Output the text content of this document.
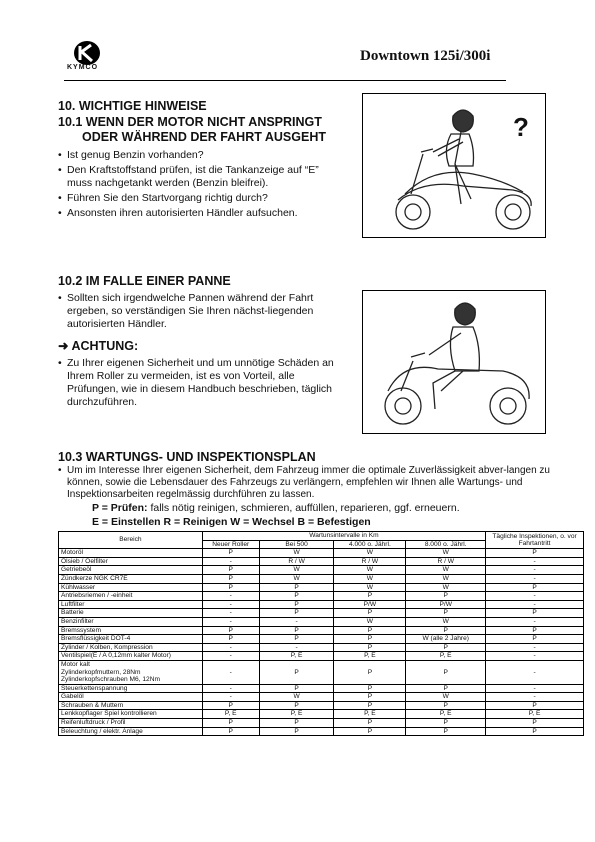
KYMCO
Downtown 125i/300i
10. WICHTIGE HINWEISE
10.1 WENN DER MOTOR NICHT ANSPRINGT
ODER WÄHREND DER FAHRT AUSGEHT
• Ist genug Benzin vorhanden?
• Den Kraftstoffstand prüfen, ist die Tankanzeige auf “E” muss nachgetankt werden (Benzin bleifrei).
• Führen Sie den Startvorgang richtig durch?
• Ansonsten ihren autorisierten Händler aufsuchen.
?
10.2 IM FALLE EINER PANNE
• Sollten sich irgendwelche Pannen während der Fahrt ergeben, so verständigen Sie Ihren nächst-liegenden autorisierten Händler.
➜ ACHTUNG:
• Zu Ihrer eigenen Sicherheit und um unnötige Schäden an Ihrem Roller zu vermeiden, ist es von Vorteil, alle Prüfungen, wie in diesem Handbuch beschrieben, täglich durchzuführen.
10.3 WARTUNGS- UND INSPEKTIONSPLAN
• Um im Interesse Ihrer eigenen Sicherheit, dem Fahrzeug immer die optimale Zuverlässigkeit abver-langen zu können, sowie die Lebensdauer des Fahrzeugs zu verlängern, empfehlen wir Ihnen alle Wartungs- und Inspektionsarbeiten regelmässig durchführen zu lassen.
P = Prüfen: falls nötig reinigen, schmieren, auffüllen, reparieren, ggf. erneuern.
E = Einstellen R = Reinigen W = Wechsel B = Befestigen
Bereich	Wartunsintervalle in Km				Tägliche Inspektionen, o. vor Fahrtantritt
	Neuer Roller	Bei 500	4.000 o. Jährl.	8.000 o. Jährl.	
Motoröl	P	W	W	W	P
Ölsieb / Oelfilter	-	R / W	R / W	R / W	-
Getriebeöl	P	W	W	W	-
Zündkerze NGK CR7E	P	W	W	W	-
Kühlwasser	P	P	W	W	P
Antriebsriemen / -einheit	-	P	P	P	-
Luftfilter	-	P	P/W	P/W	-
Batterie	-	P	P	P	P
Benzinfilter	-	-	W	W	-
Bremssystem	P	P	P	P	P
Bremsflüssigkeit DOT-4	P	P	P	W (alle 2 Jahre)	P
Zylinder / Kolben, Kompression	-	-	P	P	-
Ventilspiel(E / A 0,12mm kalter Motor)	-	P, E	P, E	P, E	-

Motor kalt
Zylinderkopfmuttern, 28Nm
Zylinderkopfschrauben M6, 12Nm	-	P	P	P	-
Steuerkettenspannung	-	P	P	P	-
Gabelöl	-	W	P	W	-
Schrauben & Muttern	P	P	P	P	P
Lenkkopflager Spiel kontrollieren	P, E	P, E	P, E	P, E	P, E
Reifenluftdruck / Profil	P	P	P	P	P
Beleuchtung / elektr. Anlage	P	P	P	P	P
